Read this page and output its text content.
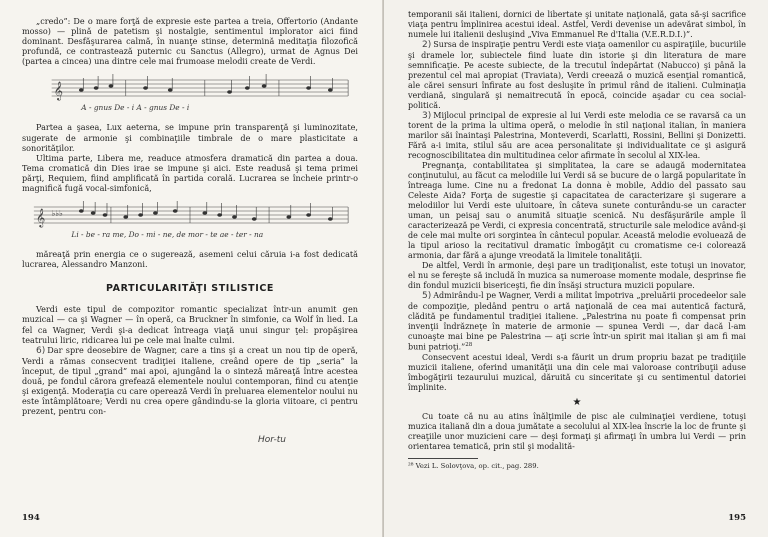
„credo”: De o mare forţă de expresie este partea a treia, Offertorio (Andante mosso) — plină de patetism şi nostalgie, sentimentul implorator aici fiind dominant. Desfăşurarea calmă, în nuanţe stinse, determină meditaţia filozofică profundă, ce contrastează puternic cu Sanctus (Allegro), urmat de Agnus Dei (partea a cincea) una dintre cele mai frumoase melodii create de Verdi.

𝄞
A - gnus De - i A - gnus De - i

Partea a şasea, Lux aeterna, se impune prin transparenţă şi luminozitate, sugerate de armonie şi combinaţiile timbrale de o mare plasticitate a sonorităţilor.

Ultima parte, Libera me, readuce atmosfera dramatică din partea a doua. Tema cromatică din Dies irae se impune şi aici. Este readusă şi tema primei părţi, Requiem, fiind amplificată în partida corală. Lucrarea se încheie printr-o magnifică fugă vocal-simfonică,

𝄞 ♭♭♭
Li - be - ra me, Do - mi - ne, de mor - te ae - ter - na

măreaţă prin energia ce o sugerează, asemeni celui căruia i-a fost dedicată lucrarea, Alessandro Manzoni.

PARTICULARITĂŢI STILISTICE

Verdi este tipul de compozitor romantic specializat într-un anumit gen muzical — ca şi Wagner — în operă, ca Bruckner în simfonie, ca Wolf în lied. La fel ca Wagner, Verdi şi-a dedicat întreaga viaţă unui singur ţel: propăşirea teatrului liric, ridicarea lui pe cele mai înalte culmi.

6) Dar spre deosebire de Wagner, care a tins şi a creat un nou tip de operă, Verdi a rămas consecvent tradiţiei italiene, creând opere de tip „seria” la început, de tipul „grand” mai apoi, ajungând la o sinteză măreaţă între acestea două, pe fondul cărora grefează elementele noului contemporan, fiind cu atenţie şi exigenţă. Moderaţia cu care operează Verdi în preluarea elementelor noului nu este întâmplătoare; Verdi nu crea opere gândindu-se la gloria viitoare, ci pentru prezent, pentru con-

Hor-tu
194

temporanii săi italieni, dornici de libertate şi unitate naţională, gata să-şi sacrifice viaţa pentru împlinirea acestui ideal. Astfel, Verdi devenise un adevărat simbol, în numele lui italienii desluşind „Viva Emmanuel Re d'Italia (V.E.R.D.I.)”.

2) Sursa de inspiraţie pentru Verdi este viaţa oamenilor cu aspiraţiile, bucuriile şi dramele lor, subiectele fiind luate din istorie şi din literatura de mare semnificaţie. Pe aceste subiecte, de la trecutul îndepărtat (Nabucco) şi până la prezentul cel mai apropiat (Traviata), Verdi creează o muzică esenţial romantică, ale cărei sensuri înfirate au fost desluşite în primul rând de italieni. Culminaţia verdiană, singulară şi nemaitrecută în epocă, coincide aşadar cu cea social-politică.

3) Mijlocul principal de expresie al lui Verdi este melodia ce se ravarsă ca un torent de la prima la ultima operă, o melodie în stil naţional italian, în maniera marilor săi înaintaşi Palestrina, Monteverdi, Scarlatti, Rossini, Bellini şi Donizetti. Fără a-i imita, stilul său are acea personalitate şi individualitate ce şi asigură recognoscibilitatea din multitudinea celor afirmate în secolul al XIX-lea.

Pregnanţa, contabilitatea şi simplitatea, la care se adaugă modernitatea conţinutului, au făcut ca melodiile lui Verdi să se bucure de o largă popularitate în întreaga lume. Cine nu a fredonat La donna è mobile, Addio del passato sau Celeste Aida? Forţa de sugestie şi capacitatea de caracterizare şi sugerare a melodiilor lui Verdi este uluitoare, în câteva sunete conturându-se un caracter uman, un peisaj sau o anumită situaţie scenică. Nu desfăşurările ample îl caracterizează pe Verdi, ci expresia concentrată, structurile sale melodice având-şi de cele mai multe ori sorgintea în cântecul popular. Această melodie evoluează de la tipul arioso la recitativul dramatic îmbogăţit cu cromatisme ce-i colorează armonia, dar fără a ajunge vreodată la limitele tonalităţii.

De altfel, Verdi în armonie, deşi pare un tradiţionalist, este totuşi un inovator, el nu se fereşte să includă în muzica sa numeroase momente modale, desprinse fie din fondul muzicii bisericeşti, fie din însăşi structura muzicii populare.

5) Admirându-l pe Wagner, Verdi a militat împotriva „preluării procedeelor sale de compoziţie, pledând pentru o artă naţională de cea mai autentică factură, clădită pe fundamentul tradiţiei italiene. „Palestrina nu poate fi compensat prin invenţii îndrăzneţe în materie de armonie — spunea Verdi —, dar dacă l-am cunoaşte mai bine pe Palestrina — aţi scrie într-un spirit mai italian şi am fi mai buni patrioţi.”$^{28}$

Consecvent acestui ideal, Verdi s-a făurit un drum propriu bazat pe tradiţiile muzicii italiene, oferind umanităţii una din cele mai valoroase contribuţii aduse îmbogăţirii tezaurului muzical, dăruită cu sinceritate şi cu sentimentul datoriei împlinite.

★

Cu toate că nu au atins înălţimile de pisc ale culminaţiei verdiene, totuşi muzica italiană din a doua jumătate a secolului al XIX-lea înscrie la loc de frunte şi creaţiile unor muzicieni care — deşi formaţi şi afirmaţi în umbra lui Verdi — prin orientarea tematică, prin stil şi modalită-

²⁸ Vezi L. Solovţova, op. cit., pag. 289.
195
